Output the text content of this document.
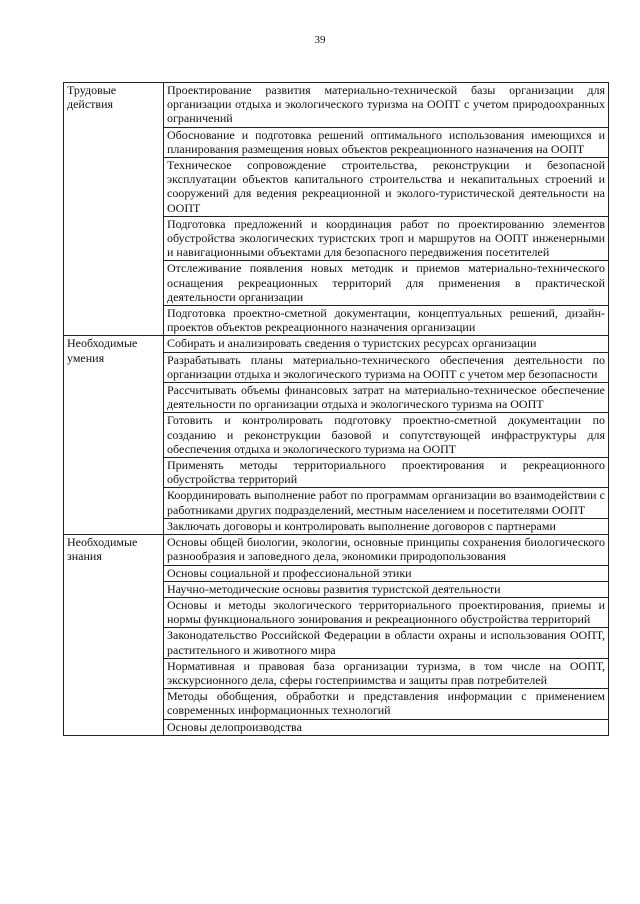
39
Трудовые действия	Проектирование развития материально-технической базы организации для организации отдыха и экологического туризма на ООПТ с учетом природоохранных ограничений
	Обоснование и подготовка решений оптимального использования имеющихся и планирования размещения новых объектов рекреационного назначения на ООПТ
	Техническое сопровождение строительства, реконструкции и безопасной эксплуатации объектов капитального строительства и некапитальных строений и сооружений для ведения рекреационной и эколого-туристической деятельности на ООПТ
	Подготовка предложений и координация работ по проектированию элементов обустройства экологических туристских троп и маршрутов на ООПТ инженерными и навигационными объектами для безопасного передвижения посетителей
	Отслеживание появления новых методик и приемов материально-технического оснащения рекреационных территорий для применения в практической деятельности организации
	Подготовка проектно-сметной документации, концептуальных решений, дизайн-проектов объектов рекреационного назначения организации
Необходимые умения	Собирать и анализировать сведения о туристских ресурсах организации
	Разрабатывать планы материально-технического обеспечения деятельности по организации отдыха и экологического туризма на ООПТ с учетом мер безопасности
	Рассчитывать объемы финансовых затрат на материально-техническое обеспечение деятельности по организации отдыха и экологического туризма на ООПТ
	Готовить и контролировать подготовку проектно-сметной документации по созданию и реконструкции базовой и сопутствующей инфраструктуры для обеспечения отдыха и экологического туризма на ООПТ
	Применять методы территориального проектирования и рекреационного обустройства территорий
	Координировать выполнение работ по программам организации во взаимодействии с работниками других подразделений, местным населением и посетителями ООПТ
	Заключать договоры и контролировать выполнение договоров с партнерами
Необходимые знания	Основы общей биологии, экологии, основные принципы сохранения биологического разнообразия и заповедного дела, экономики природопользования
	Основы социальной и профессиональной этики
	Научно-методические основы развития туристской деятельности
	Основы и методы экологического территориального проектирования, приемы и нормы функционального зонирования и рекреационного обустройства территорий
	Законодательство Российской Федерации в области охраны и использования ООПТ, растительного и животного мира
	Нормативная и правовая база организации туризма, в том числе на ООПТ, экскурсионного дела, сферы гостеприимства и защиты прав потребителей
	Методы обобщения, обработки и представления информации с применением современных информационных технологий
	Основы делопроизводства
